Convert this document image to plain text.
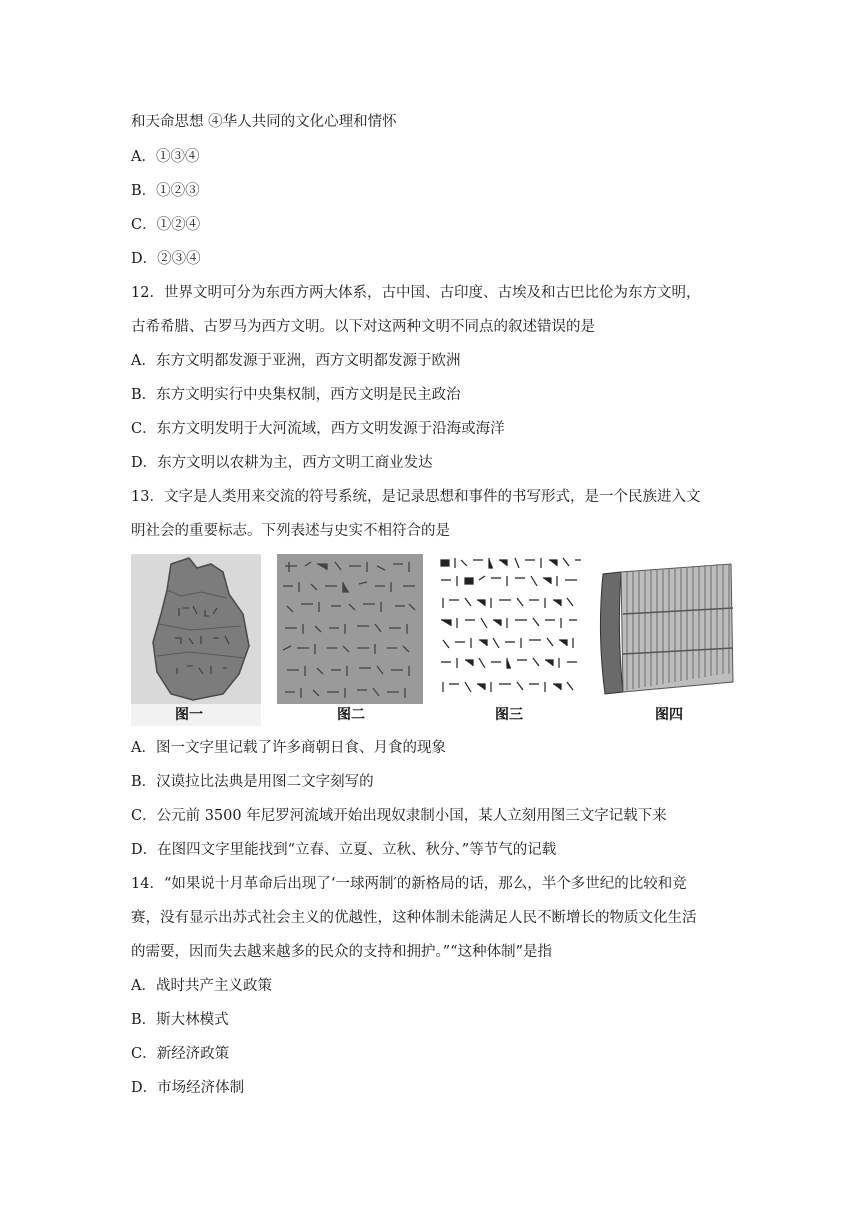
和天命思想 ④华人共同的文化心理和情怀
A．①③④
B．①②③
C．①②④
D．②③④
12．世界文明可分为东西方两大体系，古中国、古印度、古埃及和古巴比伦为东方文明，
古希希腊、古罗马为西方文明。以下对这两种文明不同点的叙述错误的是
A．东方文明都发源于亚洲，西方文明都发源于欧洲
B．东方文明实行中央集权制，西方文明是民主政治
C．东方文明发明于大河流域，西方文明发源于沿海或海洋
D．东方文明以农耕为主，西方文明工商业发达
13．文字是人类用来交流的符号系统，是记录思想和事件的书写形式，是一个民族进入文
明社会的重要标志。下列表述与史实不相符合的是
图一	图二	图三	图四
A．图一文字里记载了许多商朝日食、月食的现象
B．汉谟拉比法典是用图二文字刻写的
C．公元前 3500 年尼罗河流域开始出现奴隶制小国，某人立刻用图三文字记载下来
D．在图四文字里能找到“立春、立夏、立秋、秋分、”等节气的记载
14．“如果说十月革命后出现了‘一球两制′的新格局的话，那么，半个多世纪的比较和竞
赛，没有显示出苏式社会主义的优越性，这种体制未能满足人民不断增长的物质文化生活
的需要，因而失去越来越多的民众的支持和拥护。”“这种体制”是指
A．战时共产主义政策
B．斯大林模式
C．新经济政策
D．市场经济体制
